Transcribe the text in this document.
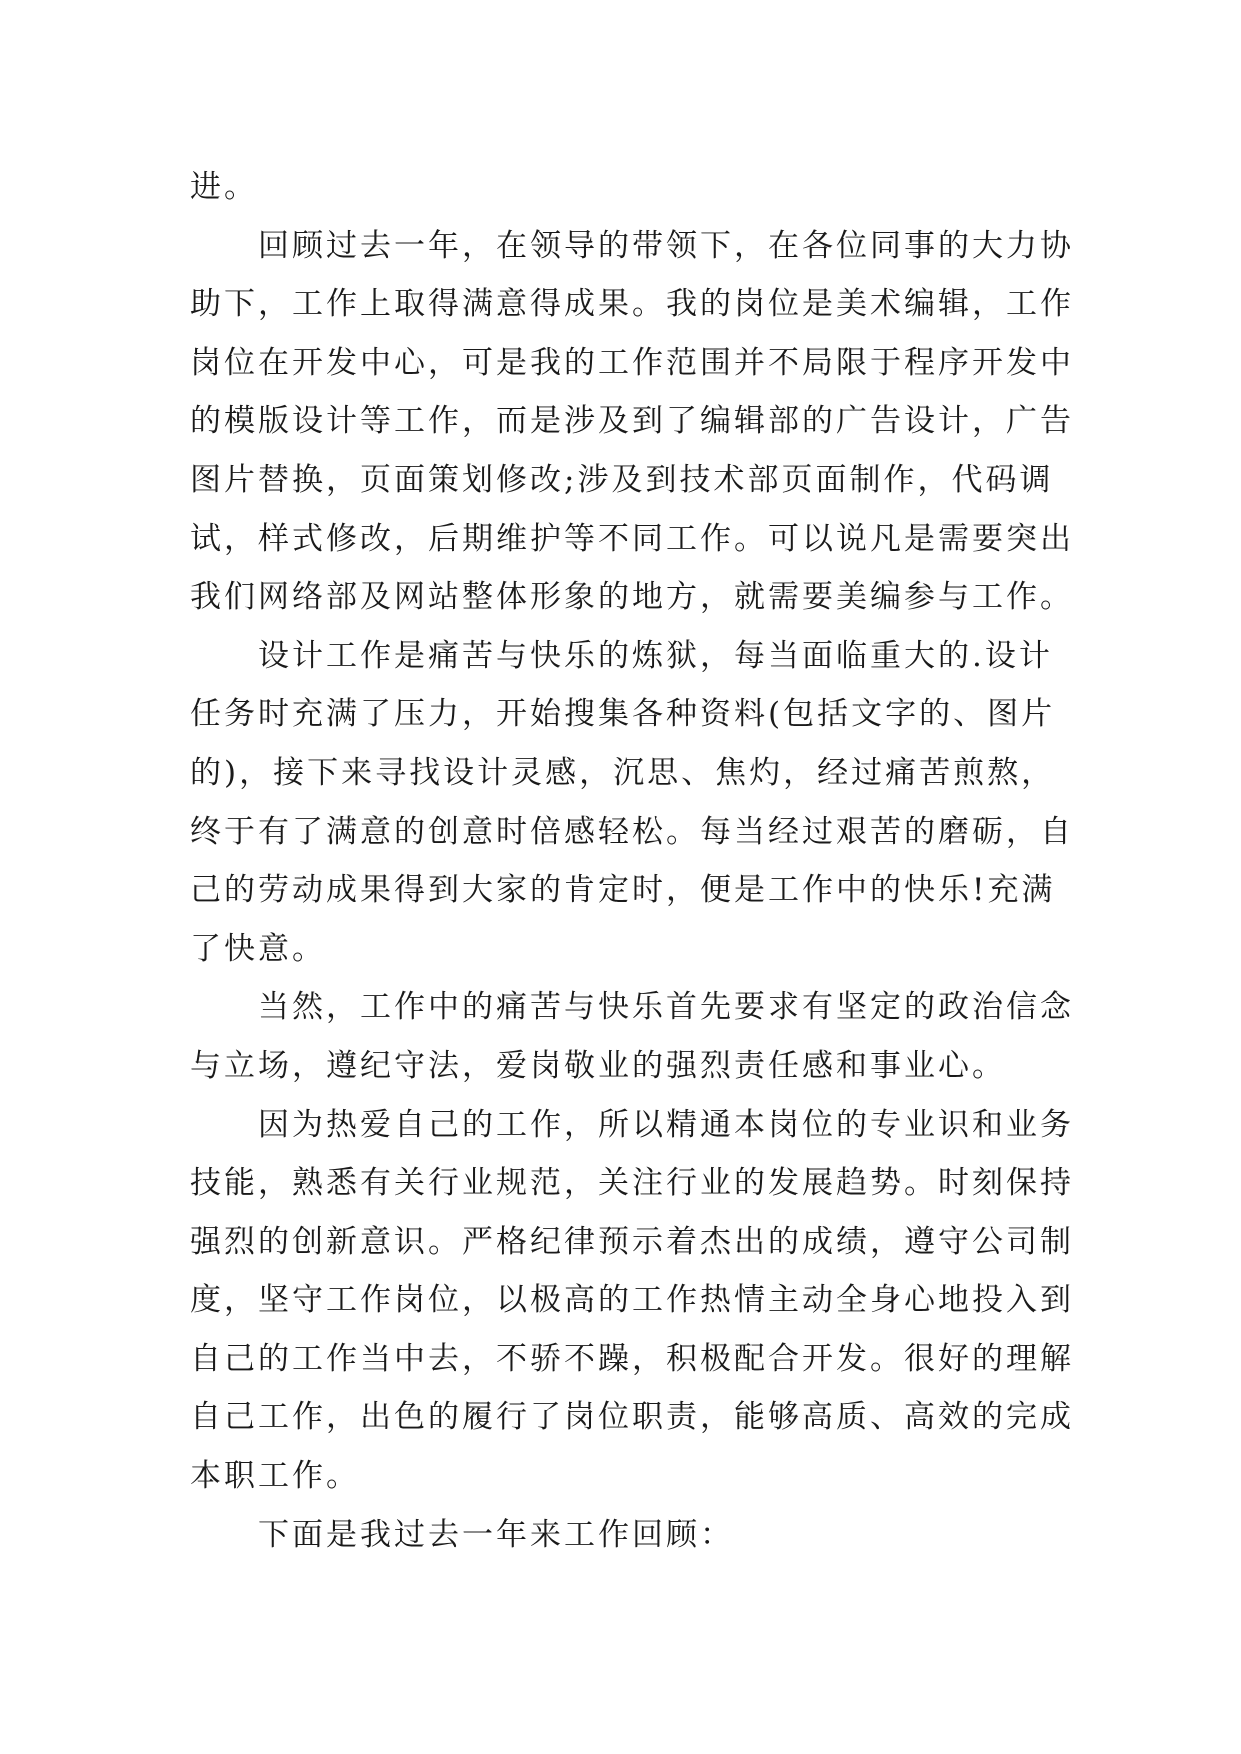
进。
回顾过去一年，在领导的带领下，在各位同事的大力协
助下，工作上取得满意得成果。我的岗位是美术编辑，工作
岗位在开发中心，可是我的工作范围并不局限于程序开发中
的模版设计等工作，而是涉及到了编辑部的广告设计，广告
图片替换，页面策划修改;涉及到技术部页面制作，代码调
试，样式修改，后期维护等不同工作。可以说凡是需要突出
我们网络部及网站整体形象的地方，就需要美编参与工作。
设计工作是痛苦与快乐的炼狱，每当面临重大的.设计
任务时充满了压力，开始搜集各种资料(包括文字的、图片
的)，接下来寻找设计灵感，沉思、焦灼，经过痛苦煎熬，
终于有了满意的创意时倍感轻松。每当经过艰苦的磨砺，自
己的劳动成果得到大家的肯定时，便是工作中的快乐!充满
了快意。
当然，工作中的痛苦与快乐首先要求有坚定的政治信念
与立场，遵纪守法，爱岗敬业的强烈责任感和事业心。
因为热爱自己的工作，所以精通本岗位的专业识和业务
技能，熟悉有关行业规范，关注行业的发展趋势。时刻保持
强烈的创新意识。严格纪律预示着杰出的成绩，遵守公司制
度，坚守工作岗位，以极高的工作热情主动全身心地投入到
自己的工作当中去，不骄不躁，积极配合开发。很好的理解
自己工作，出色的履行了岗位职责，能够高质、高效的完成
本职工作。
下面是我过去一年来工作回顾：
